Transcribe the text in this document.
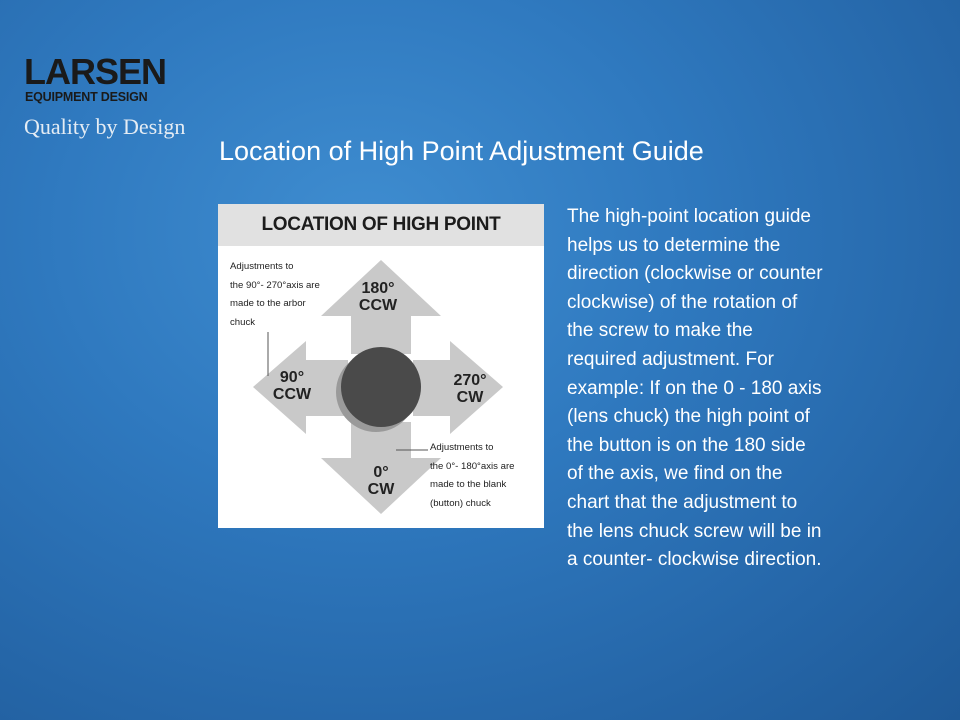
LARSEN
EQUIPMENT DESIGN
Quality by Design
Location of High Point Adjustment Guide
LOCATION OF HIGH POINT
Adjustments to
the 90°- 270°axis are
made to the arbor
chuck
Adjustments to
the 0°- 180°axis are
made to the blank
(button) chuck
180°
CCW
90°
CCW
270°
CW
0°
CW
The high-point location guide
helps us to determine the
direction (clockwise or counter
clockwise) of the rotation of
the screw to make the
required adjustment. For
example: If on the 0 - 180 axis
(lens chuck) the high point of
the button is on the 180 side
of the axis, we find on the
chart that the adjustment to
the lens chuck screw will be in
a counter- clockwise direction.
